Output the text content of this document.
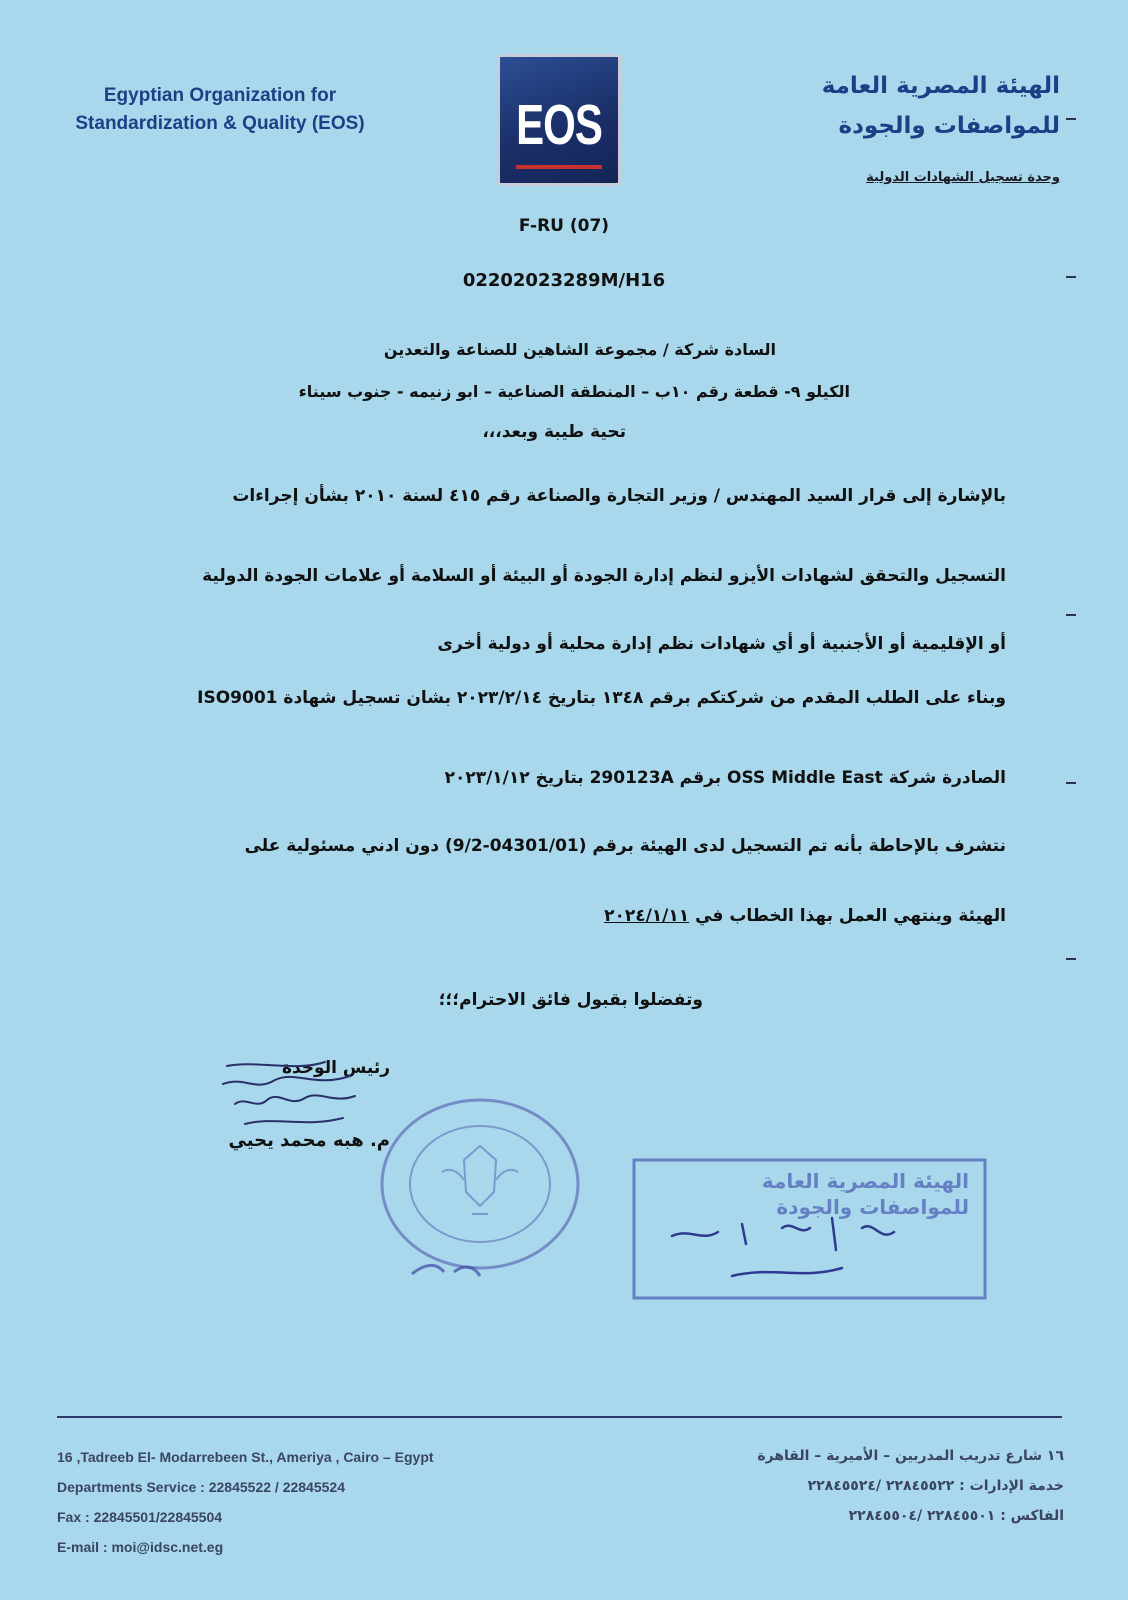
Egyptian Organization for
Standardization & Quality (EOS)	EOS
الهيئة المصرية العامة
للمواصفات والجودة
وحدة تسجيل الشهادات الدولية
F-RU (07)
02202023289M/H16
السادة شركة / مجموعة الشاهين للصناعة والتعدين
الكيلو ٩- قطعة رقم ١٠ب – المنطقة الصناعية – ابو زنيمه - جنوب سيناء
تحية طيبة وبعد،،،
بالإشارة إلى قرار السيد المهندس / وزير التجارة والصناعة رقم ٤١٥ لسنة ٢٠١٠ بشأن إجراءات
التسجيل والتحقق لشهادات الأيزو لنظم إدارة الجودة أو البيئة أو السلامة أو علامات الجودة الدولية
أو الإقليمية أو الأجنبية أو أي شهادات نظم إدارة محلية أو دولية أخرى
وبناء على الطلب المقدم من شركتكم برقم ١٣٤٨ بتاريخ ٢٠٢٣/٢/١٤ بشان تسجيل شهادة ISO9001
الصادرة شركة OSS Middle East برقم 290123A بتاريخ ٢٠٢٣/١/١٢
نتشرف بالإحاطة بأنه تم التسجيل لدى الهيئة برقم (04301/01-9/2) دون ادني مسئولية على
الهيئة وينتهي العمل بهذا الخطاب في ٢٠٢٤/١/١١
وتفضلوا بقبول فائق الاحترام؛؛؛
رئيس الوحدة
م. هبه محمد يحيي
الهيئة المصرية العامة
للمواصفات والجودة
16 ,Tadreeb El- Modarrebeen St., Ameriya , Cairo – Egypt
Departments Service : 22845522 / 22845524
Fax : 22845501/22845504
E-mail : moi@idsc.net.eg
١٦ شارع تدريب المدربين – الأميرية – القاهرة
خدمة الإدارات : ٢٢٨٤٥٥٢٢ /٢٢٨٤٥٥٢٤
الفاكس : ٢٢٨٤٥٥٠١ /٢٢٨٤٥٥٠٤
